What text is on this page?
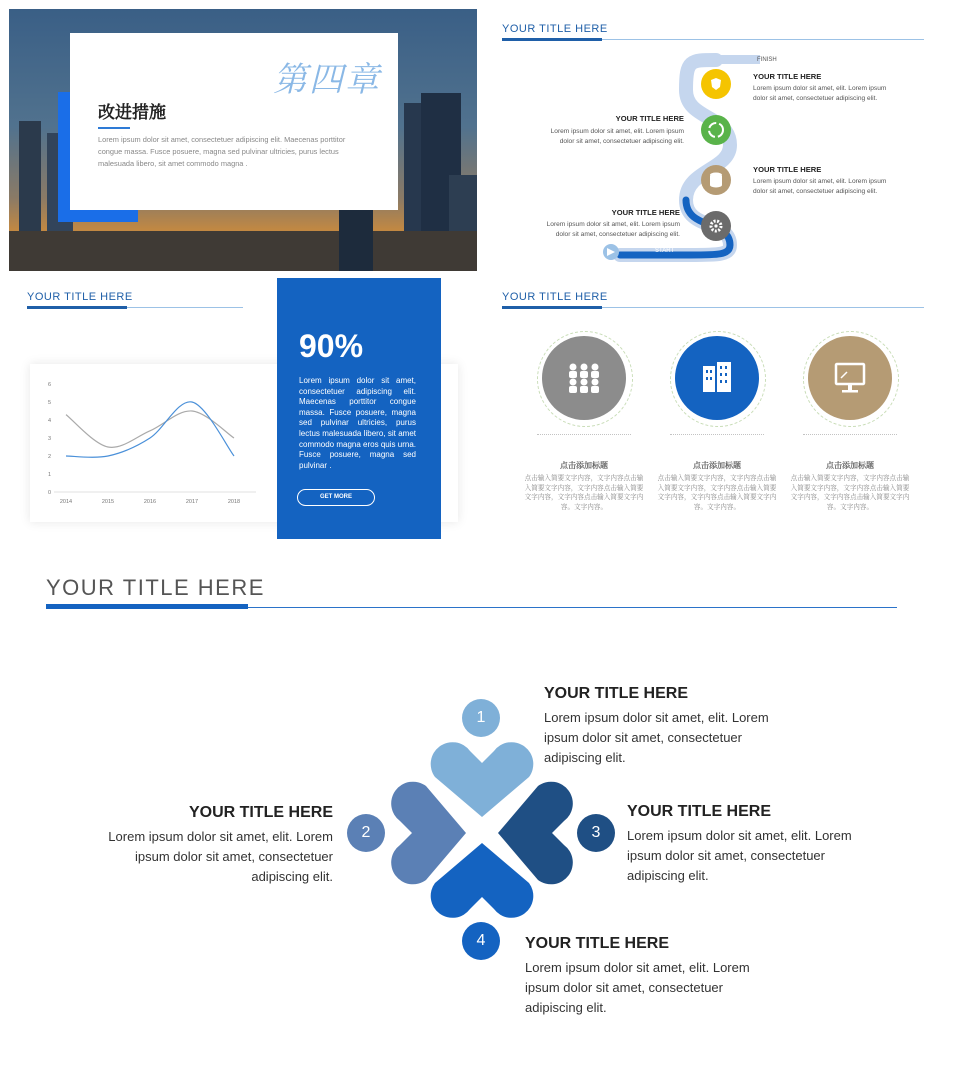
第四章
改进措施
Lorem ipsum dolor sit amet, consectetuer adipiscing elit. Maecenas porttitor congue massa. Fusce posuere, magna sed pulvinar ultricies, purus lectus malesuada libero, sit amet commodo magna .
YOUR TITLE HERE
FINISH
START
YOUR TITLE HERE
Lorem ipsum dolor sit amet, elit. Lorem ipsum dolor sit amet, consectetuer adipiscing elit.
YOUR TITLE HERE
Lorem ipsum dolor sit amet, elit. Lorem ipsum dolor sit amet, consectetuer adipiscing elit.
YOUR TITLE HERE
Lorem ipsum dolor sit amet, elit. Lorem ipsum dolor sit amet, consectetuer adipiscing elit.
YOUR TITLE HERE
Lorem ipsum dolor sit amet, elit. Lorem ipsum dolor sit amet, consectetuer adipiscing elit.
YOUR TITLE HERE
0
1
2
3
4
5
6
2014	2015	2016	2017	2018
90%
Lorem ipsum dolor sit amet, consectetuer adipiscing elit. Maecenas porttitor congue massa. Fusce posuere, magna sed pulvinar ultricies, purus lectus malesuada libero, sit amet commodo magna eros quis urna. Fusce posuere, magna sed pulvinar .
GET MORE
YOUR TITLE HERE
点击添加标题
点击输入简要文字内容，文字内容点击输入简要文字内容，文字内容点击输入简要文字内容，文字内容点击输入简要文字内容。文字内容。
点击添加标题
点击输入简要文字内容，文字内容点击输入简要文字内容，文字内容点击输入简要文字内容，文字内容点击输入简要文字内容。文字内容。
点击添加标题
点击输入简要文字内容，文字内容点击输入简要文字内容，文字内容点击输入简要文字内容，文字内容点击输入简要文字内容。文字内容。
YOUR TITLE HERE
1
2	3
4
YOUR TITLE HERE
Lorem ipsum dolor sit amet, elit. Lorem ipsum dolor sit amet, consectetuer adipiscing elit.
YOUR TITLE HERE
Lorem ipsum dolor sit amet, elit. Lorem ipsum dolor sit amet, consectetuer adipiscing elit.
YOUR TITLE HERE
Lorem ipsum dolor sit amet, elit. Lorem ipsum dolor sit amet, consectetuer adipiscing elit.
YOUR TITLE HERE
Lorem ipsum dolor sit amet, elit. Lorem ipsum dolor sit amet, consectetuer adipiscing elit.
